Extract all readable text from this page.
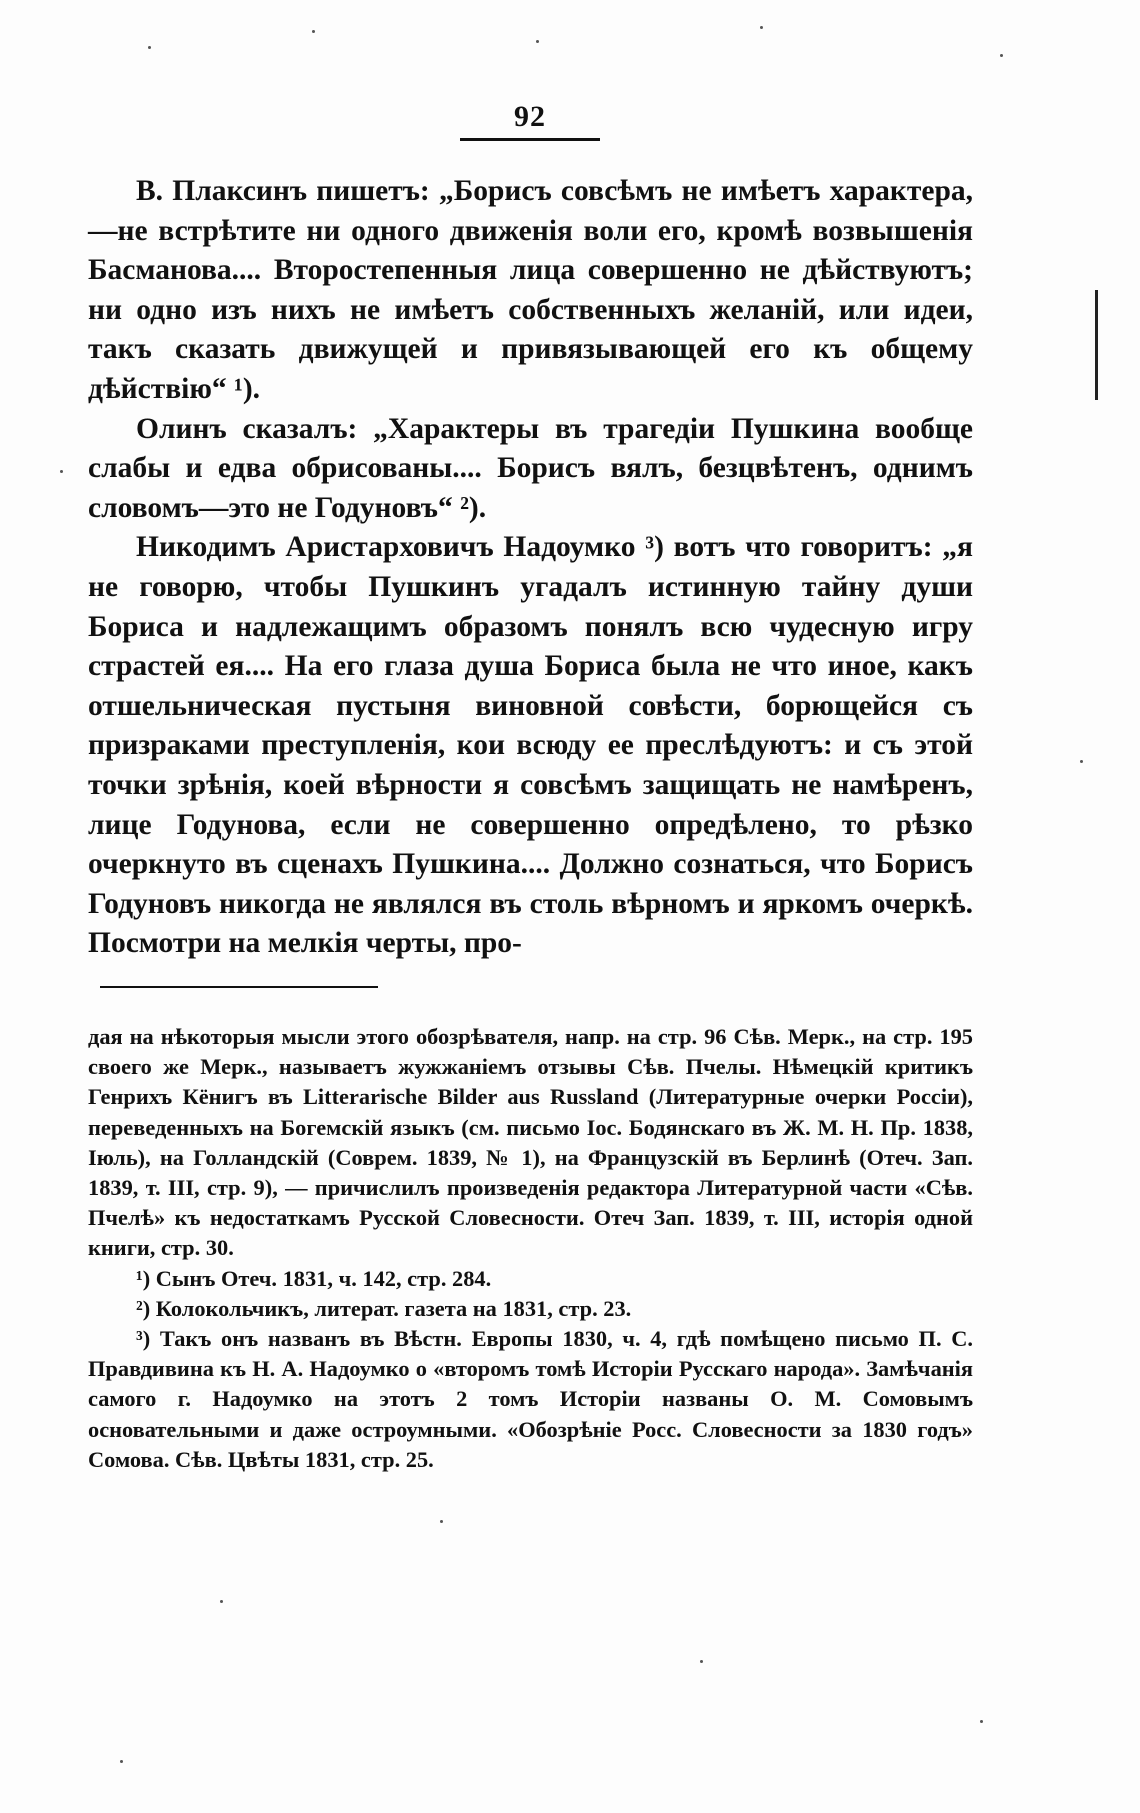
92

В. Плаксинъ пишетъ: „Борисъ совсѣмъ не имѣетъ характера,—не встрѣтите ни одного движенія воли его, кромѣ возвышенія Басманова.... Второстепенныя лица совершенно не дѣйствуютъ; ни одно изъ нихъ не имѣетъ собственныхъ желаній, или идеи, такъ сказать движущей и привязывающей его къ общему дѣйствію“ ¹).

Олинъ сказалъ: „Характеры въ трагедіи Пушкина вообще слабы и едва обрисованы.... Борисъ вялъ, безцвѣтенъ, однимъ словомъ—это не Годуновъ“ ²).

Никодимъ Аристарховичъ Надоумко ³) вотъ что говоритъ: „я не говорю, чтобы Пушкинъ угадалъ истинную тайну души Бориса и надлежащимъ образомъ понялъ всю чудесную игру страстей ея.... На его глаза душа Бориса была не что иное, какъ отшельническая пустыня виновной совѣсти, борющейся съ призраками преступленія, кои всюду ее преслѣдуютъ: и съ этой точки зрѣнія, коей вѣрности я совсѣмъ защищать не намѣренъ, лице Годунова, если не совершенно опредѣлено, то рѣзко очеркнуто въ сценахъ Пушкина.... Должно сознаться, что Борисъ Годуновъ никогда не являлся въ столь вѣрномъ и яркомъ очеркѣ. Посмотри на мелкія черты, про-

дая на нѣкоторыя мысли этого обозрѣвателя, напр. на стр. 96 Сѣв. Мерк., на стр. 195 своего же Мерк., называетъ жужжаніемъ отзывы Сѣв. Пчелы. Нѣмецкій критикъ Генрихъ Кёнигъ въ Litterarische Bilder aus Russland (Литературные очерки Россіи), переведенныхъ на Богемскій языкъ (см. письмо Іос. Бодянскаго въ Ж. М. Н. Пр. 1838, Іюль), на Голландскій (Соврем. 1839, № 1), на Французскій въ Берлинѣ (Отеч. Зап. 1839, т. III, стр. 9), — причислилъ произведенія редактора Литературной части «Сѣв. Пчелѣ» къ недостаткамъ Русской Словесности. Отеч Зап. 1839, т. III, исторія одной книги, стр. 30.

¹) Сынъ Отеч. 1831, ч. 142, стр. 284.

²) Колокольчикъ, литерат. газета на 1831, стр. 23.

³) Такъ онъ названъ въ Вѣстн. Европы 1830, ч. 4, гдѣ помѣщено письмо П. С. Правдивина къ Н. А. Надоумко о «второмъ томѣ Исторіи Русскаго народа». Замѣчанія самого г. Надоумко на этотъ 2 томъ Исторіи названы О. М. Сомовымъ основательными и даже остроумными. «Обозрѣніе Росс. Словесности за 1830 годъ» Сомова. Сѣв. Цвѣты 1831, стр. 25.
